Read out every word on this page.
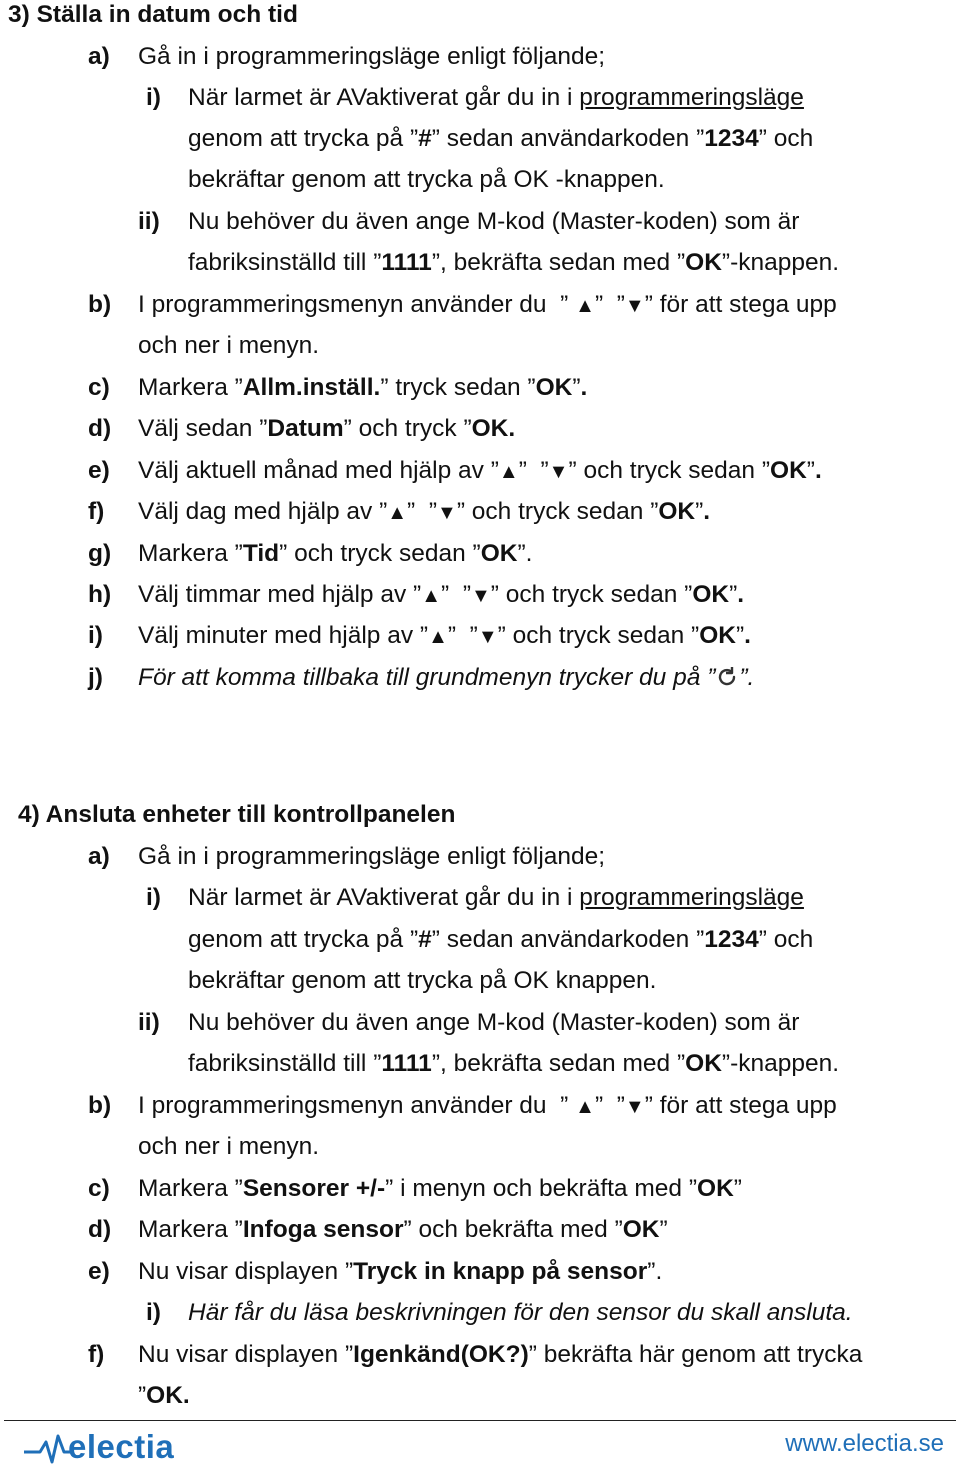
3) Ställa in datum och tid
a) Gå in i programmeringsläge enligt följande;
i) När larmet är AVaktiverat går du in i programmeringsläge
genom att trycka på ”#” sedan användarkoden ”1234” och
bekräftar genom att trycka på OK -knappen.
ii) Nu behöver du även ange M-kod (Master-koden) som är
fabriksinställd till ”1111”, bekräfta sedan med ”OK”-knappen.
b) I programmeringsmenyn använder du ” ▲” ”▼” för att stega upp
och ner i menyn.
c) Markera ”Allm.inställ.” tryck sedan ”OK”.
d) Välj sedan ”Datum” och tryck ”OK.
e) Välj aktuell månad med hjälp av ”▲” ”▼” och tryck sedan ”OK”.
f) Välj dag med hjälp av ”▲” ”▼” och tryck sedan ”OK”.
g) Markera ”Tid” och tryck sedan ”OK”.
h) Välj timmar med hjälp av ”▲” ”▼” och tryck sedan ”OK”.
i) Välj minuter med hjälp av ”▲” ”▼” och tryck sedan ”OK”.
j) För att komma tillbaka till grundmenyn trycker du på ” ”.
4) Ansluta enheter till kontrollpanelen
a) Gå in i programmeringsläge enligt följande;
i) När larmet är AVaktiverat går du in i programmeringsläge
genom att trycka på ”#” sedan användarkoden ”1234” och
bekräftar genom att trycka på OK knappen.
ii) Nu behöver du även ange M-kod (Master-koden) som är
fabriksinställd till ”1111”, bekräfta sedan med ”OK”-knappen.
b) I programmeringsmenyn använder du ” ▲” ”▼” för att stega upp
och ner i menyn.
c) Markera ”Sensorer +/-” i menyn och bekräfta med ”OK”
d) Markera ”Infoga sensor” och bekräfta med ”OK”
e) Nu visar displayen ”Tryck in knapp på sensor”.
i) Här får du läsa beskrivningen för den sensor du skall ansluta.
f) Nu visar displayen ”Igenkänd(OK?)” bekräfta här genom att trycka
”OK.
electia	www.electia.se
